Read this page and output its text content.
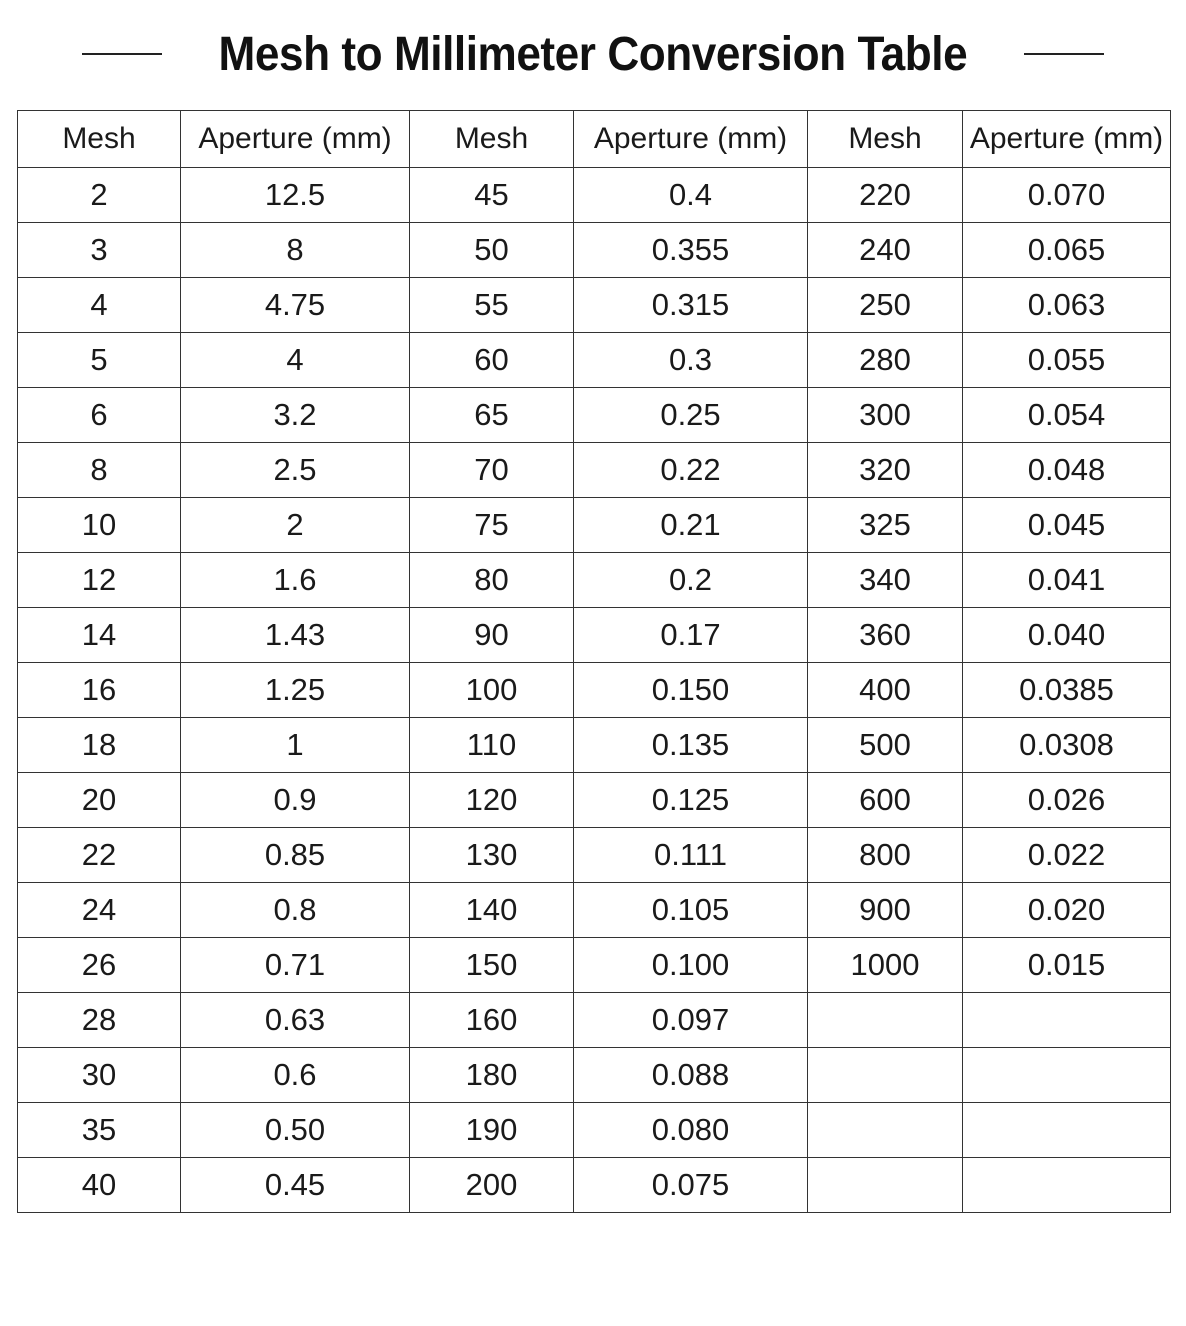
Mesh to Millimeter Conversion Table
Mesh	Aperture (mm)	Mesh	Aperture (mm)	Mesh	Aperture (mm)
2	12.5	45	0.4	220	0.070
3	8	50	0.355	240	0.065
4	4.75	55	0.315	250	0.063
5	4	60	0.3	280	0.055
6	3.2	65	0.25	300	0.054
8	2.5	70	0.22	320	0.048
10	2	75	0.21	325	0.045
12	1.6	80	0.2	340	0.041
14	1.43	90	0.17	360	0.040
16	1.25	100	0.150	400	0.0385
18	1	110	0.135	500	0.0308
20	0.9	120	0.125	600	0.026
22	0.85	130	0.111	800	0.022
24	0.8	140	0.105	900	0.020
26	0.71	150	0.100	1000	0.015
28	0.63	160	0.097		
30	0.6	180	0.088		
35	0.50	190	0.080		
40	0.45	200	0.075		
